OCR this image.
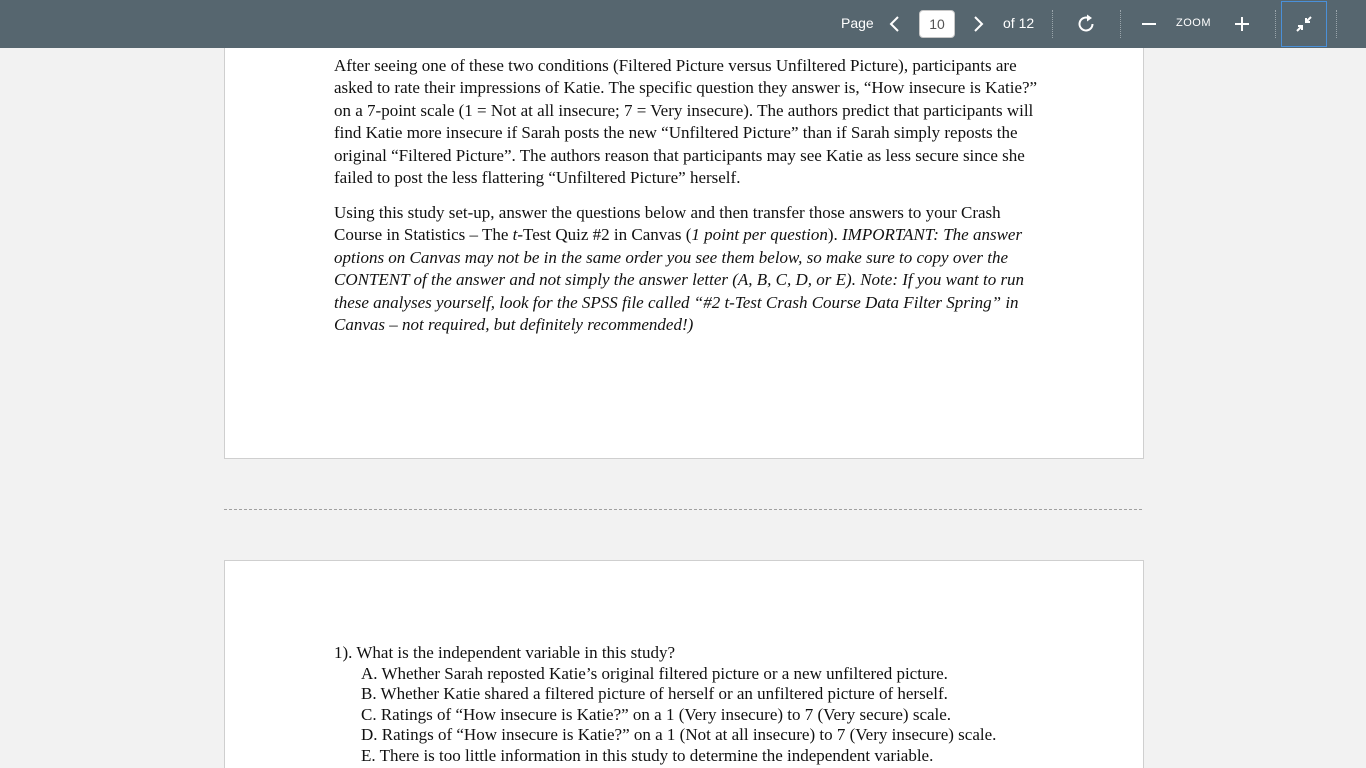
Page
10	of 12	ZOOM

After seeing one of these two conditions (Filtered Picture versus Unfiltered Picture), participants are asked to rate their impressions of Katie. The specific question they answer is, “How insecure is Katie?” on a 7-point scale (1 = Not at all insecure; 7 = Very insecure). The authors predict that participants will find Katie more insecure if Sarah posts the new “Unfiltered Picture” than if Sarah simply reposts the original “Filtered Picture”. The authors reason that participants may see Katie as less secure since she failed to post the less flattering “Unfiltered Picture” herself.

Using this study set-up, answer the questions below and then transfer those answers to your Crash Course in Statistics – The t-Test Quiz #2 in Canvas (1 point per question). IMPORTANT: The answer options on Canvas may not be in the same order you see them below, so make sure to copy over the CONTENT of the answer and not simply the answer letter (A, B, C, D, or E). Note: If you want to run these analyses yourself, look for the SPSS file called “#2 t-Test Crash Course Data Filter Spring” in Canvas – not required, but definitely recommended!)

1). What is the independent variable in this study?
A. Whether Sarah reposted Katie’s original filtered picture or a new unfiltered picture.
B. Whether Katie shared a filtered picture of herself or an unfiltered picture of herself.
C. Ratings of “How insecure is Katie?” on a 1 (Very insecure) to 7 (Very secure) scale.
D. Ratings of “How insecure is Katie?” on a 1 (Not at all insecure) to 7 (Very insecure) scale.
E. There is too little information in this study to determine the independent variable.
